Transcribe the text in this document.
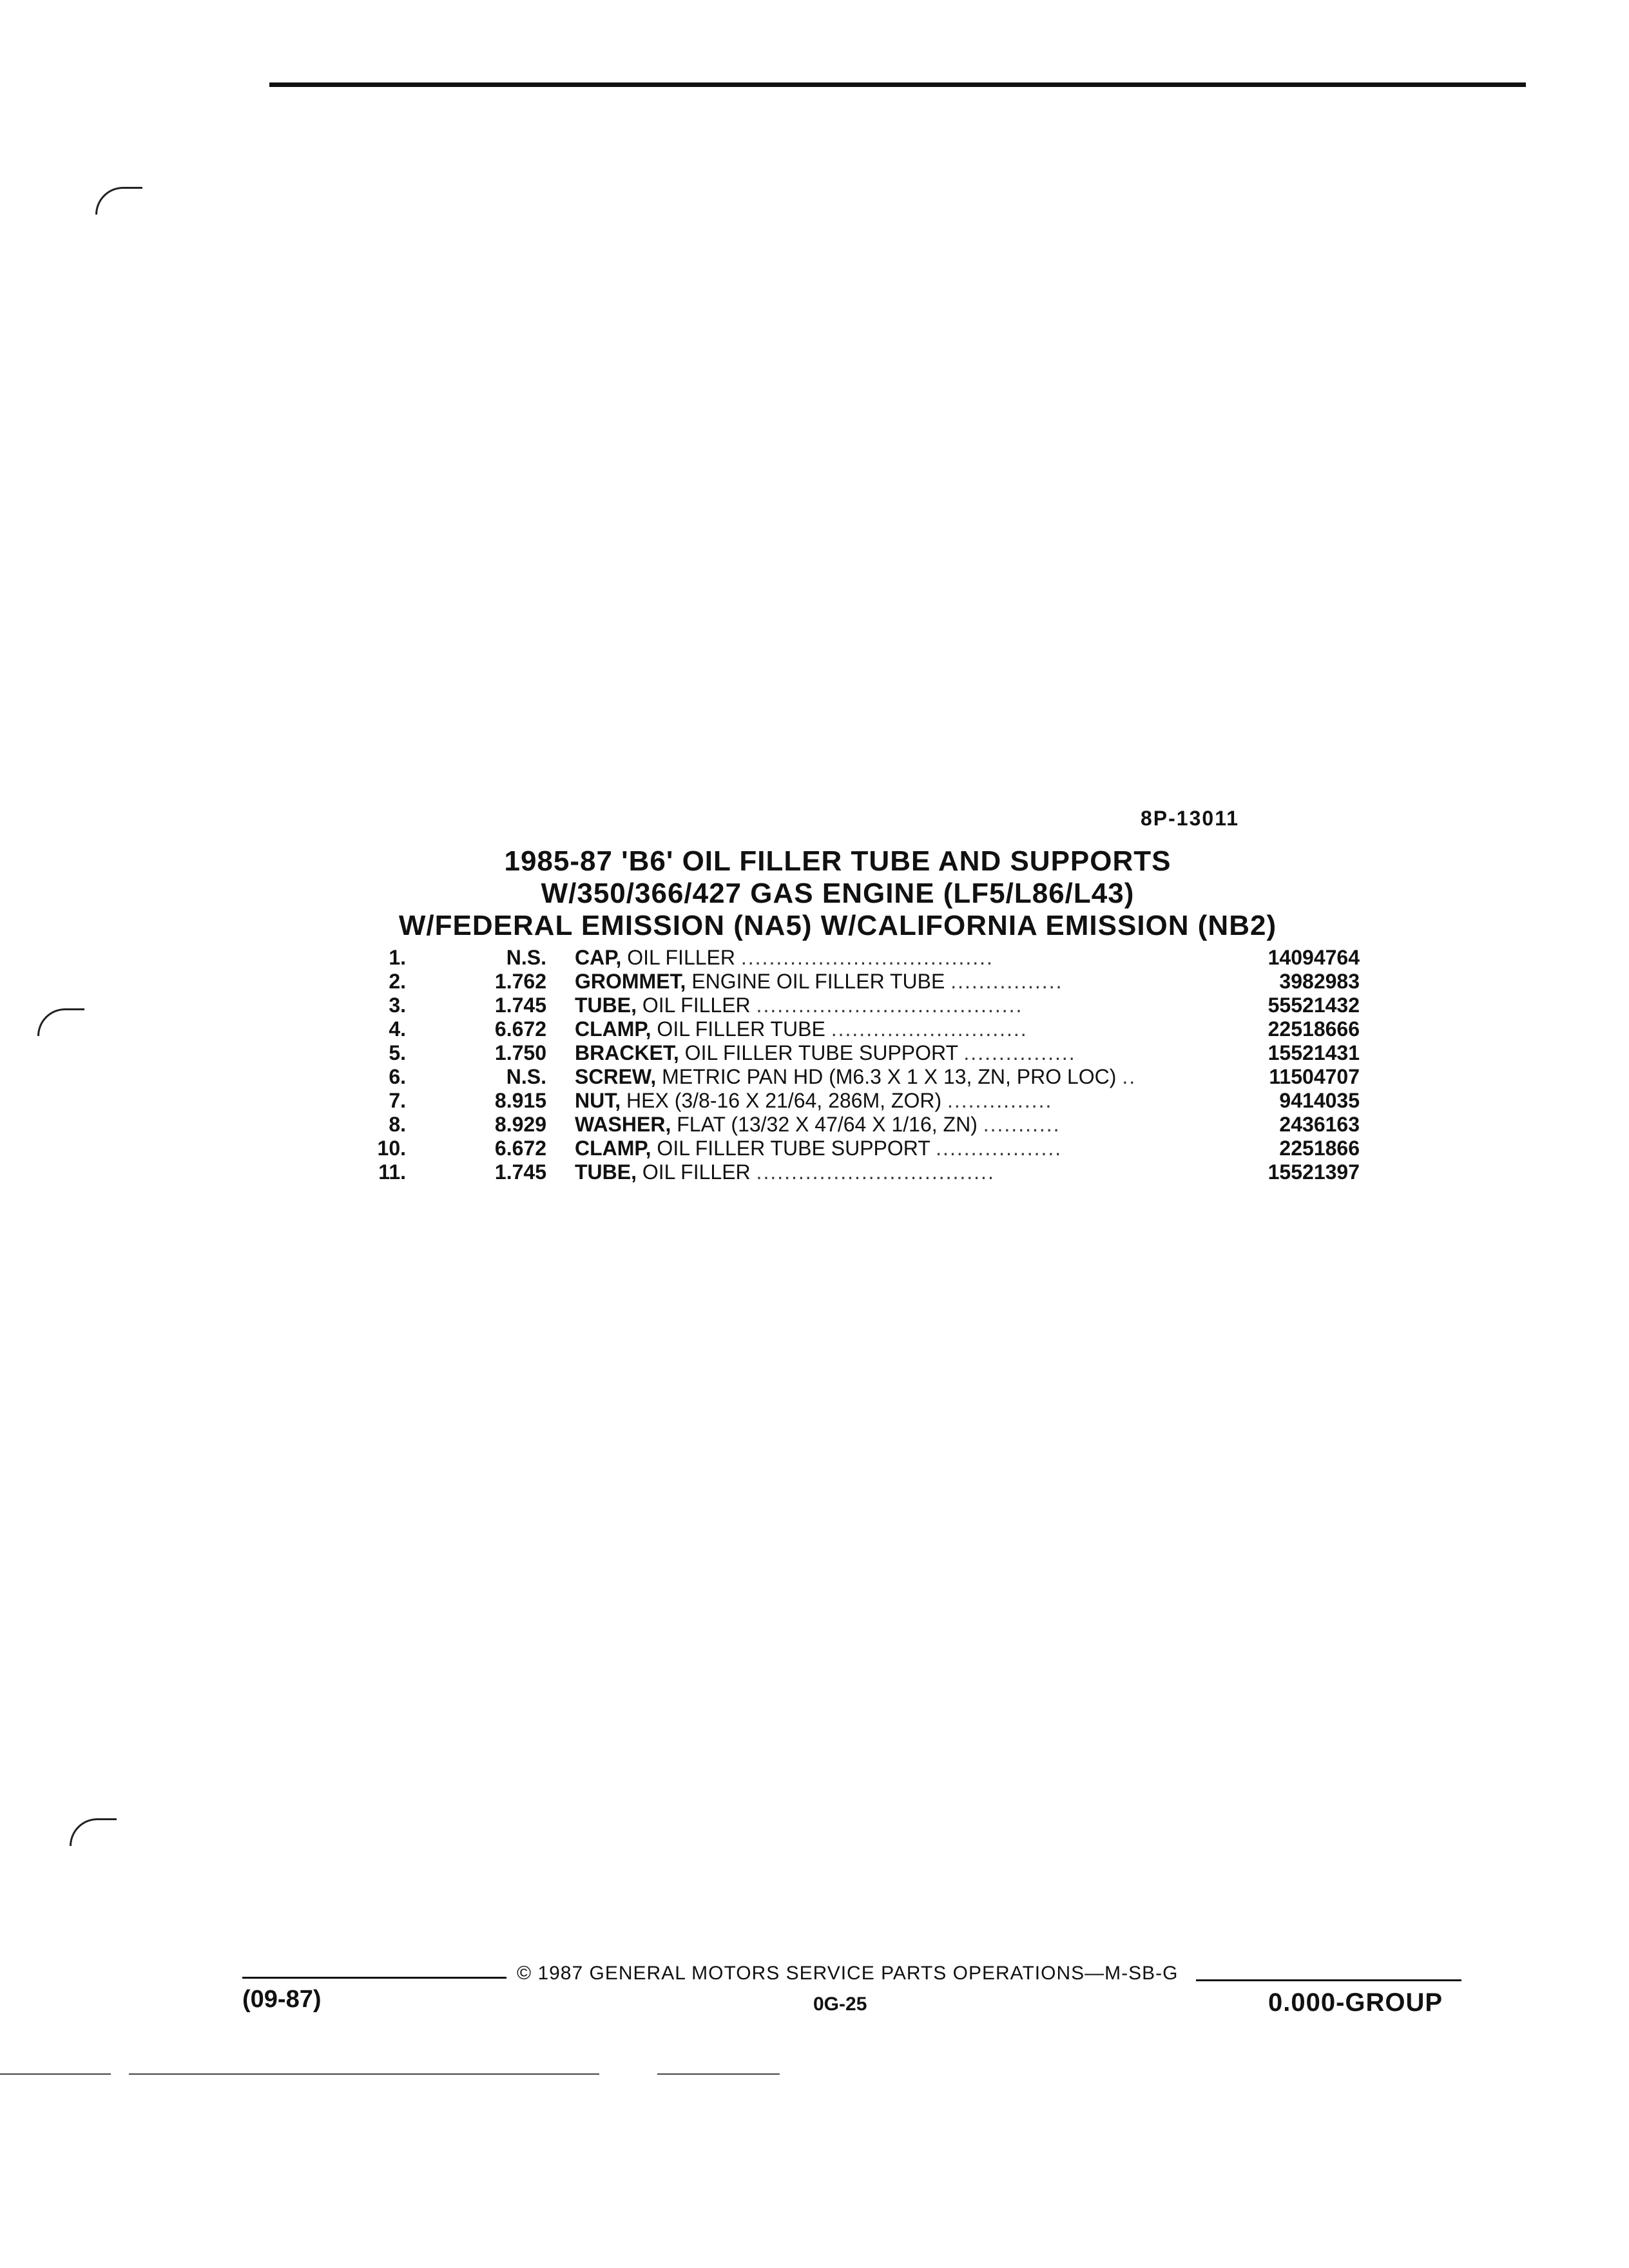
8P-13011
1985-87 'B6' OIL FILLER TUBE AND SUPPORTS
W/350/366/427 GAS ENGINE (LF5/L86/L43)
W/FEDERAL EMISSION (NA5) W/CALIFORNIA EMISSION (NB2)
1.	N.S. CAP, OIL FILLER ....................................	14094764
2.	1.762 GROMMET, ENGINE OIL FILLER TUBE ................	3982983
3.	1.745 TUBE, OIL FILLER ......................................	55521432
4.	6.672 CLAMP, OIL FILLER TUBE ............................	22518666
5.	1.750 BRACKET, OIL FILLER TUBE SUPPORT ................	15521431
6.	N.S. SCREW, METRIC PAN HD (M6.3 X 1 X 13, ZN, PRO LOC) ..	11504707
7.	8.915 NUT, HEX (3/8-16 X 21/64, 286M, ZOR) ...............	9414035
8.	8.929 WASHER, FLAT (13/32 X 47/64 X 1/16, ZN) ...........	2436163
10.	6.672 CLAMP, OIL FILLER TUBE SUPPORT ..................	2251866
11.	1.745 TUBE, OIL FILLER ..................................	15521397
© 1987 GENERAL MOTORS SERVICE PARTS OPERATIONS—M-SB-G
(09-87)	0G-25	0.000-GROUP
